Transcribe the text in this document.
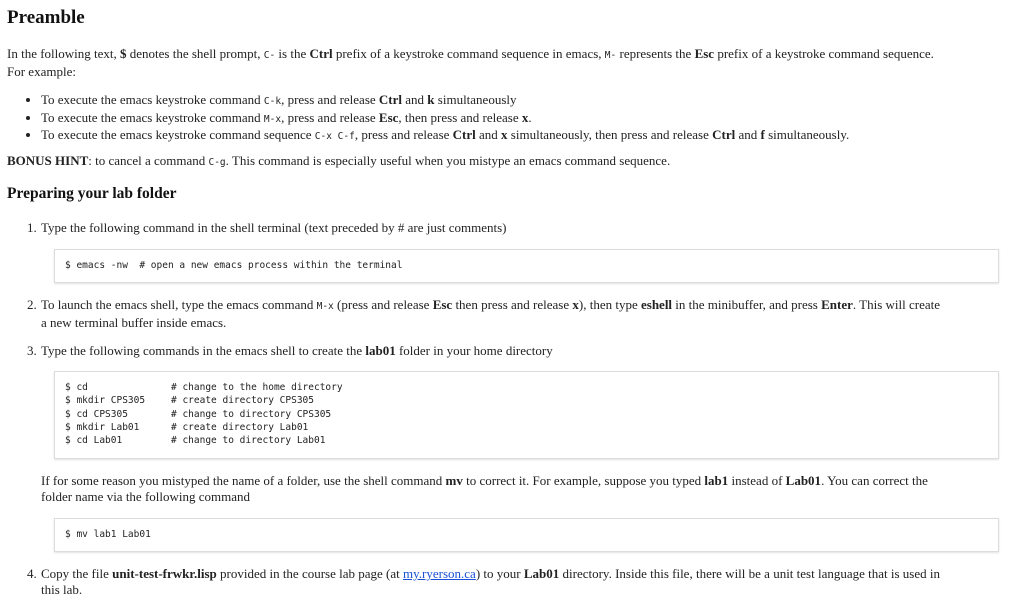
Preamble

In the following text, $ denotes the shell prompt, C- is the Ctrl prefix of a keystroke command sequence in emacs, M- represents the Esc prefix of a keystroke command sequence.
For example:

• To execute the emacs keystroke command C-k, press and release Ctrl and k simultaneously
• To execute the emacs keystroke command M-x, press and release Esc, then press and release x.
• To execute the emacs keystroke command sequence C-x C-f, press and release Ctrl and x simultaneously, then press and release Ctrl and f simultaneously.

BONUS HINT: to cancel a command C-g. This command is especially useful when you mistype an emacs command sequence.

Preparing your lab folder
1. Type the following command in the shell terminal (text preceded by # are just comments)
$ emacs -nw  # open a new emacs process within the terminal
2. To launch the emacs shell, type the emacs command M-x (press and release Esc then press and release x), then type eshell in the minibuffer, and press Enter. This will create
a new terminal buffer inside emacs.

3. Type the following commands in the emacs shell to create the lab01 folder in your home directory

$ cd	# change to the home directory
$ mkdir CPS305	# create directory CPS305
$ cd CPS305	# change to directory CPS305
$ mkdir Lab01	# create directory Lab01
$ cd Lab01	# change to directory Lab01

If for some reason you mistyped the name of a folder, use the shell command mv to correct it. For example, suppose you typed lab1 instead of Lab01. You can correct the
folder name via the following command

$ mv lab1 Lab01
4. Copy the file unit-test-frwkr.lisp provided in the course lab page (at my.ryerson.ca) to your Lab01 directory. Inside this file, there will be a unit test language that is used in
this lab.
